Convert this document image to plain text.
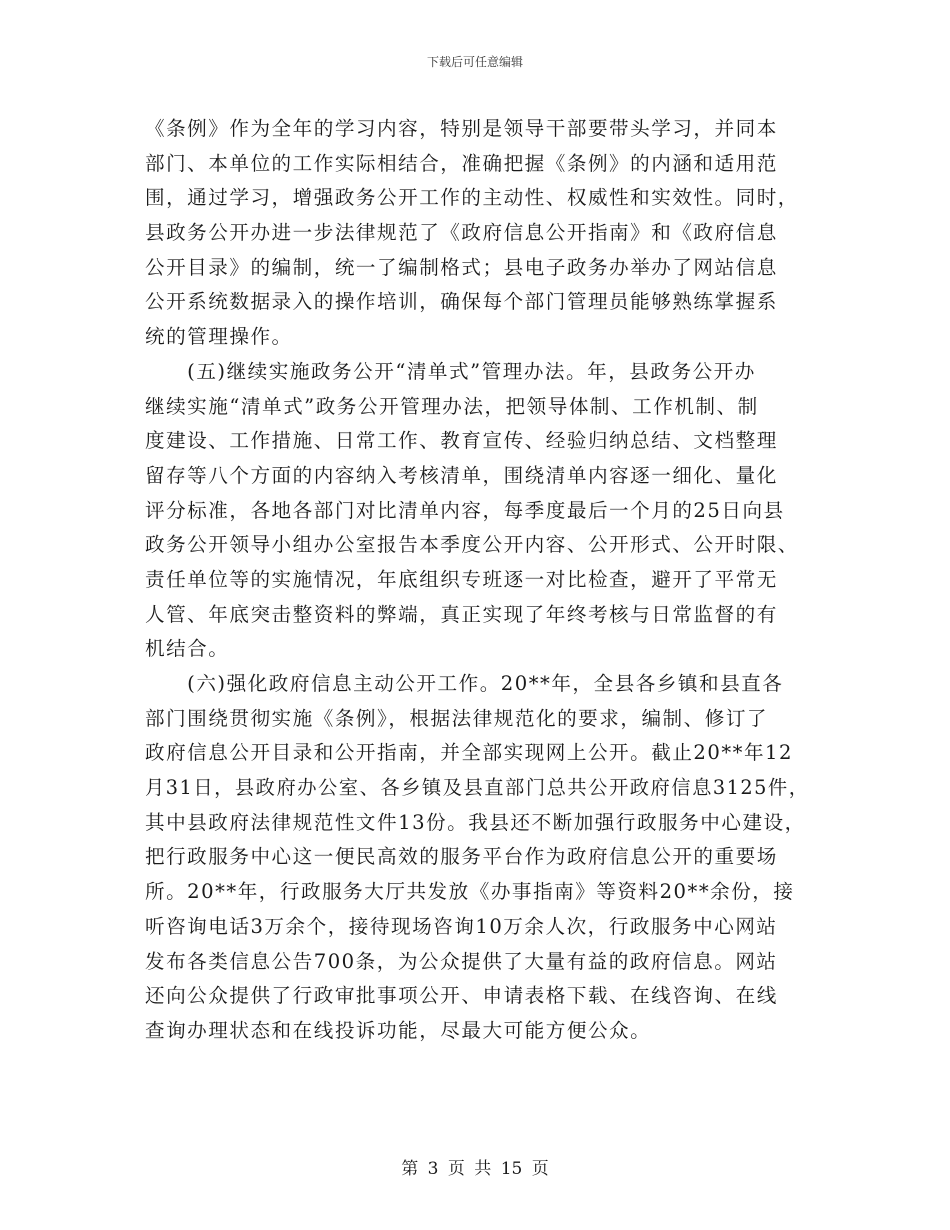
下载后可任意编辑
《条例》作为全年的学习内容，特别是领导干部要带头学习，并同本
部门、本单位的工作实际相结合，准确把握《条例》的内涵和适用范
围，通过学习，增强政务公开工作的主动性、权威性和实效性。同时，
县政务公开办进一步法律规范了《政府信息公开指南》和《政府信息
公开目录》的编制，统一了编制格式；县电子政务办举办了网站信息
公开系统数据录入的操作培训，确保每个部门管理员能够熟练掌握系
统的管理操作。
　　(五)继续实施政务公开“清单式”管理办法。年，县政务公开办
继续实施“清单式”政务公开管理办法，把领导体制、工作机制、制
度建设、工作措施、日常工作、教育宣传、经验归纳总结、文档整理
留存等八个方面的内容纳入考核清单，围绕清单内容逐一细化、量化
评分标准，各地各部门对比清单内容，每季度最后一个月的25日向县
政务公开领导小组办公室报告本季度公开内容、公开形式、公开时限、
责任单位等的实施情况，年底组织专班逐一对比检查，避开了平常无
人管、年底突击整资料的弊端，真正实现了年终考核与日常监督的有
机结合。
　　(六)强化政府信息主动公开工作。20**年，全县各乡镇和县直各
部门围绕贯彻实施《条例》，根据法律规范化的要求，编制、修订了
政府信息公开目录和公开指南，并全部实现网上公开。截止20**年12
月31日，县政府办公室、各乡镇及县直部门总共公开政府信息3125件，
其中县政府法律规范性文件13份。我县还不断加强行政服务中心建设，
把行政服务中心这一便民高效的服务平台作为政府信息公开的重要场
所。20**年，行政服务大厅共发放《办事指南》等资料20**余份，接
听咨询电话3万余个，接待现场咨询10万余人次，行政服务中心网站
发布各类信息公告700条，为公众提供了大量有益的政府信息。网站
还向公众提供了行政审批事项公开、申请表格下载、在线咨询、在线
查询办理状态和在线投诉功能，尽最大可能方便公众。
第 3 页 共 15 页
